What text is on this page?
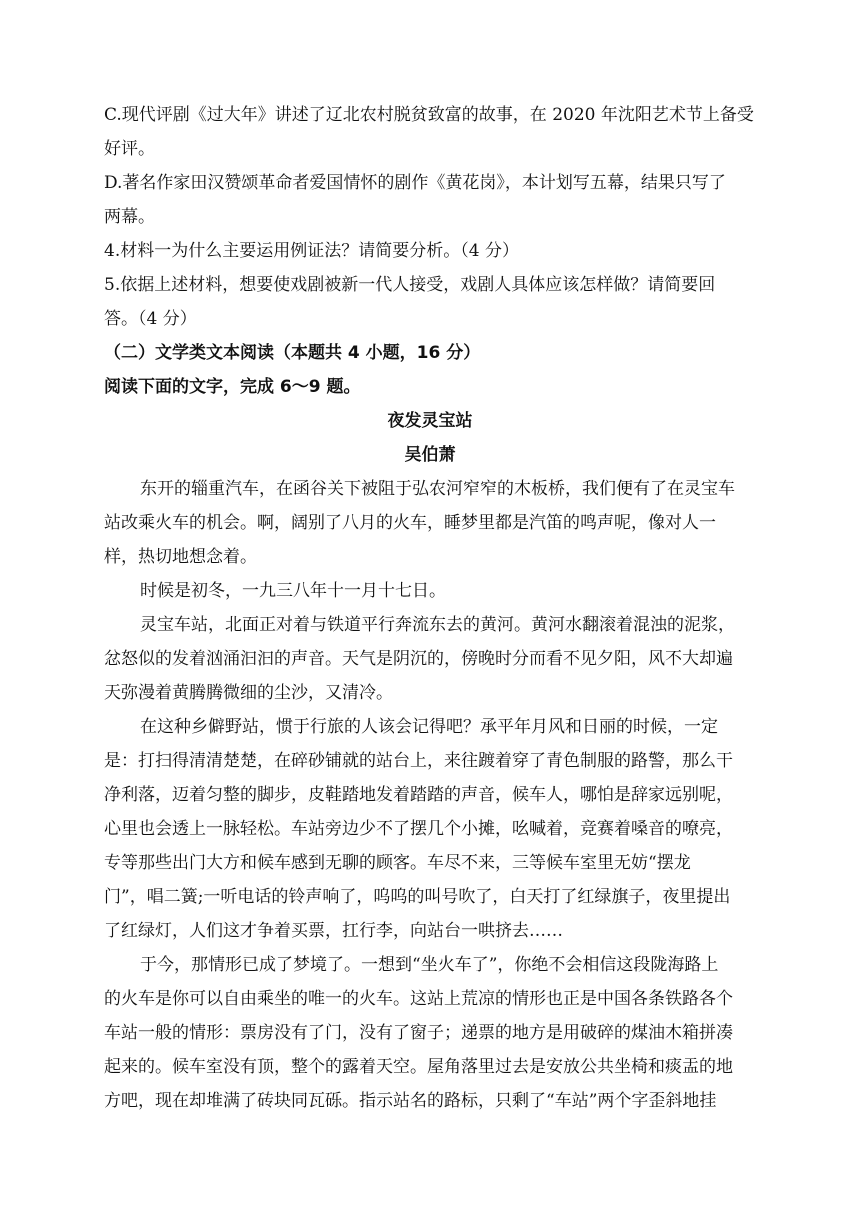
C.现代评剧《过大年》讲述了辽北农村脱贫致富的故事，在 2020 年沈阳艺术节上备受

好评。

D.著名作家田汉赞颂革命者爱国情怀的剧作《黄花岗》，本计划写五幕，结果只写了

两幕。

4.材料一为什么主要运用例证法？请简要分析。（4 分）

5.依据上述材料，想要使戏剧被新一代人接受，戏剧人具体应该怎样做？请简要回

答。（4 分）

（二）文学类文本阅读（本题共 4 小题，16 分）

阅读下面的文字，完成 6～9 题。

夜发灵宝站

吴伯萧

东开的辎重汽车，在函谷关下被阻于弘农河窄窄的木板桥，我们便有了在灵宝车

站改乘火车的机会。啊，阔别了八月的火车，睡梦里都是汽笛的鸣声呢，像对人一

样，热切地想念着。

时候是初冬，一九三八年十一月十七日。

灵宝车站，北面正对着与铁道平行奔流东去的黄河。黄河水翻滚着混浊的泥浆，

忿怒似的发着汹涌汩汩的声音。天气是阴沉的，傍晚时分而看不见夕阳，风不大却遍

天弥漫着黄腾腾微细的尘沙，又清冷。

在这种乡僻野站，惯于行旅的人该会记得吧？承平年月风和日丽的时候，一定

是：打扫得清清楚楚，在碎砂铺就的站台上，来往踱着穿了青色制服的路警，那么干

净利落，迈着匀整的脚步，皮鞋踏地发着踏踏的声音，候车人，哪怕是辞家远别呢，

心里也会透上一脉轻松。车站旁边少不了摆几个小摊，吆喊着，竞赛着嗓音的嘹亮，

专等那些出门大方和候车感到无聊的顾客。车尽不来，三等候车室里无妨“摆龙

门”，唱二簧;一听电话的铃声响了，呜呜的叫号吹了，白天打了红绿旗子，夜里提出

了红绿灯，人们这才争着买票，扛行李，向站台一哄挤去……

于今，那情形已成了梦境了。一想到“坐火车了”，你绝不会相信这段陇海路上

的火车是你可以自由乘坐的唯一的火车。这站上荒凉的情形也正是中国各条铁路各个

车站一般的情形：票房没有了门，没有了窗子；递票的地方是用破碎的煤油木箱拼凑

起来的。候车室没有顶，整个的露着天空。屋角落里过去是安放公共坐椅和痰盂的地

方吧，现在却堆满了砖块同瓦砾。指示站名的路标，只剩了“车站”两个字歪斜地挂
